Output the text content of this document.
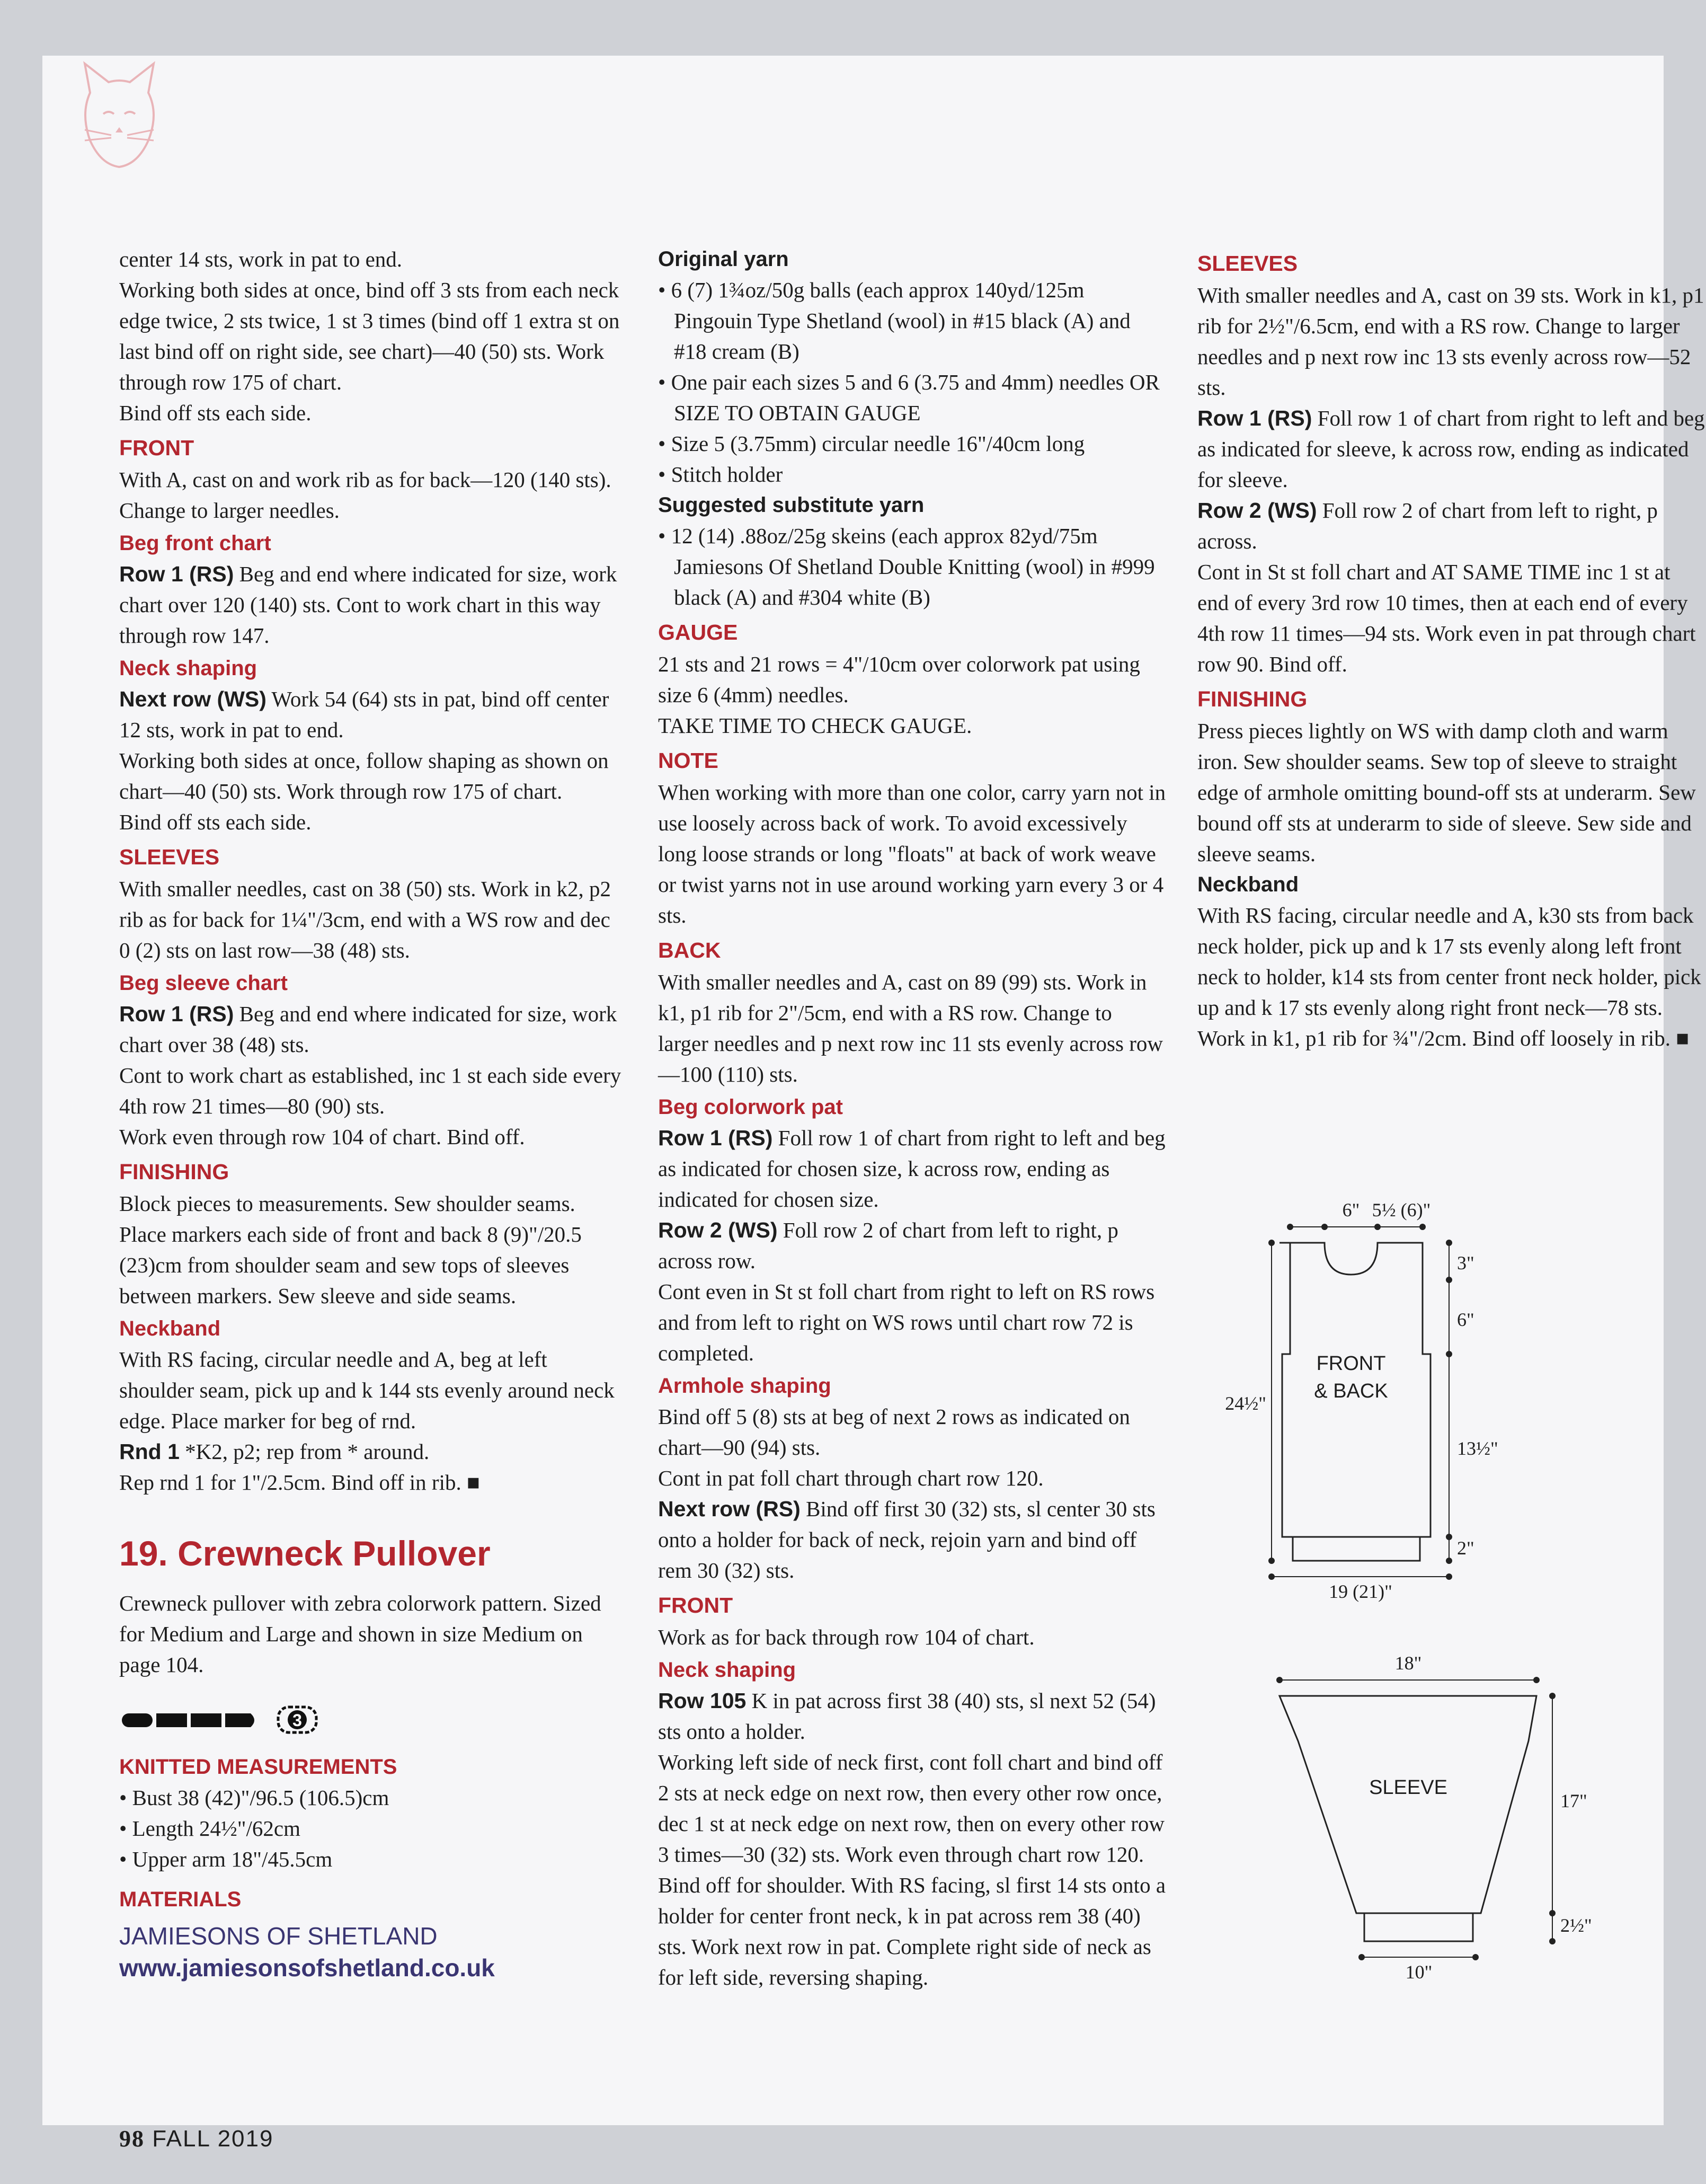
center 14 sts, work in pat to end.

Working both sides at once, bind off 3 sts from each neck edge twice, 2 sts twice, 1 st 3 times (bind off 1 extra st on last bind off on right side, see chart)—40 (50) sts. Work through row 175 of chart.

Bind off sts each side.

FRONT

With A, cast on and work rib as for back—120 (140 sts). Change to larger needles.

Beg front chart

Row 1 (RS) Beg and end where indicated for size, work chart over 120 (140) sts. Cont to work chart in this way through row 147.

Neck shaping

Next row (WS) Work 54 (64) sts in pat, bind off center 12 sts, work in pat to end.

Working both sides at once, follow shaping as shown on chart—40 (50) sts. Work through row 175 of chart.

Bind off sts each side.

SLEEVES

With smaller needles, cast on 38 (50) sts. Work in k2, p2 rib as for back for 1¼"/3cm, end with a WS row and dec 0 (2) sts on last row—38 (48) sts.

Beg sleeve chart

Row 1 (RS) Beg and end where indicated for size, work chart over 38 (48) sts.

Cont to work chart as established, inc 1 st each side every 4th row 21 times—80 (90) sts.

Work even through row 104 of chart. Bind off.

FINISHING

Block pieces to measurements. Sew shoulder seams. Place markers each side of front and back 8 (9)"/20.5 (23)cm from shoulder seam and sew tops of sleeves between markers. Sew sleeve and side seams.

Neckband

With RS facing, circular needle and A, beg at left shoulder seam, pick up and k 144 sts evenly around neck edge. Place marker for beg of rnd.

Rnd 1 *K2, p2; rep from * around.

Rep rnd 1 for 1"/2.5cm. Bind off in rib. ■

19. Crewneck Pullover

Crewneck pullover with zebra colorwork pattern. Sized for Medium and Large and shown in size Medium on page 104.

3
KNITTED MEASUREMENTS

• Bust 38 (42)"/96.5 (106.5)cm

• Length 24½"/62cm

• Upper arm 18"/45.5cm

MATERIALS
JAMIESONS OF SHETLAND
www.jamiesonsofshetland.co.uk
Original yarn

• 6 (7) 1¾oz/50g balls (each approx 140yd/125m Pingouin Type Shetland (wool) in #15 black (A) and #18 cream (B)

• One pair each sizes 5 and 6 (3.75 and 4mm) needles OR SIZE TO OBTAIN GAUGE

• Size 5 (3.75mm) circular needle 16"/40cm long

• Stitch holder

Suggested substitute yarn

• 12 (14) .88oz/25g skeins (each approx 82yd/75m Jamiesons Of Shetland Double Knitting (wool) in #999 black (A) and #304 white (B)

GAUGE

21 sts and 21 rows = 4"/10cm over colorwork pat using size 6 (4mm) needles.

TAKE TIME TO CHECK GAUGE.

NOTE

When working with more than one color, carry yarn not in use loosely across back of work. To avoid excessively long loose strands or long "floats" at back of work weave or twist yarns not in use around working yarn every 3 or 4 sts.

BACK

With smaller needles and A, cast on 89 (99) sts. Work in k1, p1 rib for 2"/5cm, end with a RS row. Change to larger needles and p next row inc 11 sts evenly across row—100 (110) sts.

Beg colorwork pat

Row 1 (RS) Foll row 1 of chart from right to left and beg as indicated for chosen size, k across row, ending as indicated for chosen size.

Row 2 (WS) Foll row 2 of chart from left to right, p across row.

Cont even in St st foll chart from right to left on RS rows and from left to right on WS rows until chart row 72 is completed.

Armhole shaping

Bind off 5 (8) sts at beg of next 2 rows as indicated on chart—90 (94) sts.

Cont in pat foll chart through chart row 120.

Next row (RS) Bind off first 30 (32) sts, sl center 30 sts onto a holder for back of neck, rejoin yarn and bind off rem 30 (32) sts.

FRONT

Work as for back through row 104 of chart.

Neck shaping

Row 105 K in pat across first 38 (40) sts, sl next 52 (54) sts onto a holder.

Working left side of neck first, cont foll chart and bind off 2 sts at neck edge on next row, then every other row once, dec 1 st at neck edge on next row, then on every other row 3 times—30 (32) sts. Work even through chart row 120. Bind off for shoulder. With RS facing, sl first 14 sts onto a holder for center front neck, k in pat across rem 38 (40) sts. Work next row in pat. Complete right side of neck as for left side, reversing shaping.

SLEEVES

With smaller needles and A, cast on 39 sts. Work in k1, p1 rib for 2½"/6.5cm, end with a RS row. Change to larger needles and p next row inc 13 sts evenly across row—52 sts.

Row 1 (RS) Foll row 1 of chart from right to left and beg as indicated for sleeve, k across row, ending as indicated for sleeve.

Row 2 (WS) Foll row 2 of chart from left to right, p across.

Cont in St st foll chart and AT SAME TIME inc 1 st at end of every 3rd row 10 times, then at each end of every 4th row 11 times—94 sts. Work even in pat through chart row 90. Bind off.

FINISHING

Press pieces lightly on WS with damp cloth and warm iron. Sew shoulder seams. Sew top of sleeve to straight edge of armhole omitting bound-off sts at underarm. Sew bound off sts at underarm to side of sleeve. Sew side and sleeve seams.

Neckband

With RS facing, circular needle and A, k30 sts from back neck holder, pick up and k 17 sts evenly along left front neck to holder, k14 sts from center front neck holder, pick up and k 17 sts evenly along right front neck—78 sts. Work in k1, p1 rib for ¾"/2cm. Bind off loosely in rib. ■

6" 5½ (6)"
3"
6"
13½"
2"
24½"
19 (21)"
FRONT
& BACK
18"
SLEEVE
17"
2½"
10"
98 FALL 2019
